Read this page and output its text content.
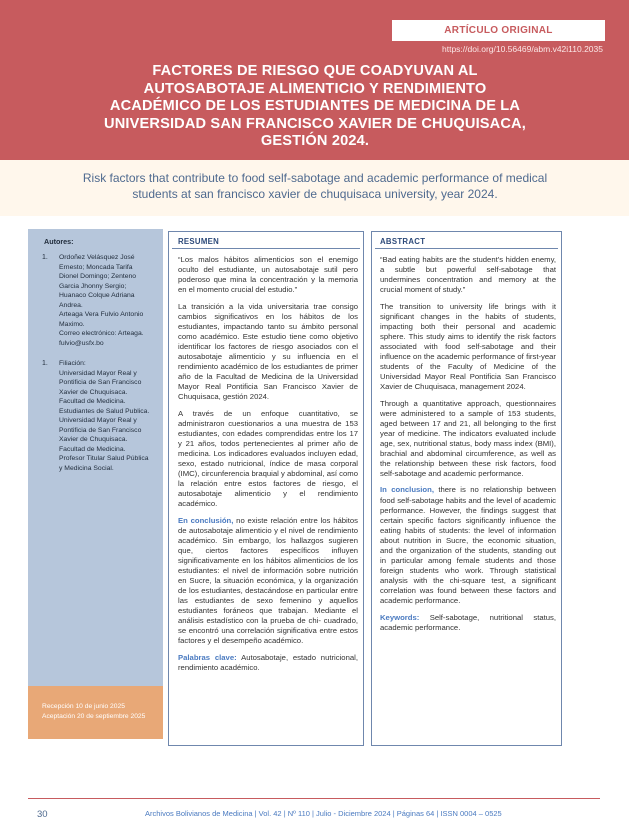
ARTÍCULO ORIGINAL
https://doi.org/10.56469/abm.v42i110.2035
FACTORES DE RIESGO QUE COADYUVAN AL
AUTOSABOTAJE ALIMENTICIO Y RENDIMIENTO
ACADÉMICO DE LOS ESTUDIANTES DE MEDICINA DE LA
UNIVERSIDAD SAN FRANCISCO XAVIER DE CHUQUISACA,
GESTIÓN 2024.
Risk factors that contribute to food self-sabotage and academic performance of medical
students at san francisco xavier de chuquisaca university, year 2024.
Autores:
1. Ordoñez Velásquez José
Ernesto; Moncada Tarifa
Dionel Domingo; Zenteno
Garcia Jhonny Sergio;
Huanaco Colque Adriana
Andrea.
Arteaga Vera Fulvio Antonio
Maximo.
Correo electrónico: Arteaga.
fulvio@usfx.bo
1. Filiación:
Universidad Mayor Real y
Pontificia de San Francisco
Xavier de Chuquisaca.
Facultad de Medicina.
Estudiantes de Salud Publica.
Universidad Mayor Real y
Pontificia de San Francisco
Xavier de Chuquisaca.
Facultad de Medicina.
Profesor Titular Salud Pública
y Medicina Social.
Recepción 10 de junio 2025
Aceptación 20 de septiembre 2025
RESUMEN

“Los malos hábitos alimenticios son el enemigo oculto del estudiante, un autosabotaje sutil pero poderoso que mina la concentración y la memoria en el momento crucial del estudio.”

La transición a la vida universitaria trae consigo cambios significativos en los hábitos de los estudiantes, impactando tanto su ámbito personal como académico. Este estudio tiene como objetivo identificar los factores de riesgo asociados con el autosabotaje alimenticio y su influencia en el rendimiento académico de los estudiantes de primer año de la Facultad de Medicina de la Universidad Mayor Real Pontificia San Francisco Xavier de Chuquisaca, gestión 2024.

A través de un enfoque cuantitativo, se administraron cuestionarios a una muestra de 153 estudiantes, con edades comprendidas entre los 17 y 21 años, todos pertenecientes al primer año de medicina. Los indicadores evaluados incluyen edad, sexo, estado nutricional, índice de masa corporal (IMC), circunferencia braquial y abdominal, así como la relación entre estos factores de riesgo, el autosabotaje alimenticio y el rendimiento académico.

En conclusión, no existe relación entre los hábitos de autosabotaje alimenticio y el nivel de rendimiento académico. Sin embargo, los hallazgos sugieren que, ciertos factores específicos influyen significativamente en los hábitos alimenticios de los estudiantes: el nivel de información sobre nutrición en Sucre, la situación económica, y la organización de los estudiantes, destacándose en particular entre las estudiantes de sexo femenino y aquellos estudiantes foráneos que trabajan. Mediante el análisis estadístico con la prueba de chi- cuadrado, se encontró una correlación significativa entre estos factores y el desempeño académico.

Palabras clave: Autosabotaje, estado nutricional, rendimiento académico.

ABSTRACT

“Bad eating habits are the student's hidden enemy, a subtle but powerful self-sabotage that undermines concentration and memory at the crucial moment of study.”

The transition to university life brings with it significant changes in the habits of students, impacting both their personal and academic sphere. This study aims to identify the risk factors associated with food self-sabotage and their influence on the academic performance of first-year students of the Faculty of Medicine of the Universidad Mayor Real Pontificia San Francisco Xavier de Chuquisaca, management 2024.

Through a quantitative approach, questionnaires were administered to a sample of 153 students, aged between 17 and 21, all belonging to the first year of medicine. The indicators evaluated include age, sex, nutritional status, body mass index (BMI), brachial and abdominal circumference, as well as the relationship between these risk factors, food self-sabotage and academic performance.

In conclusion, there is no relationship between food self-sabotage habits and the level of academic performance. However, the findings suggest that certain specific factors significantly influence the eating habits of students: the level of information about nutrition in Sucre, the economic situation, and the organization of the students, standing out in particular among female students and those foreign students who work. Through statistical analysis with the chi-square test, a significant correlation was found between these factors and academic performance.

Keywords: Self-sabotage, nutritional status, academic performance.

30	Archivos Bolivianos de Medicina | Vol. 42 | Nº 110 | Julio - Diciembre 2024 | Páginas 64 | ISSN 0004 – 0525
